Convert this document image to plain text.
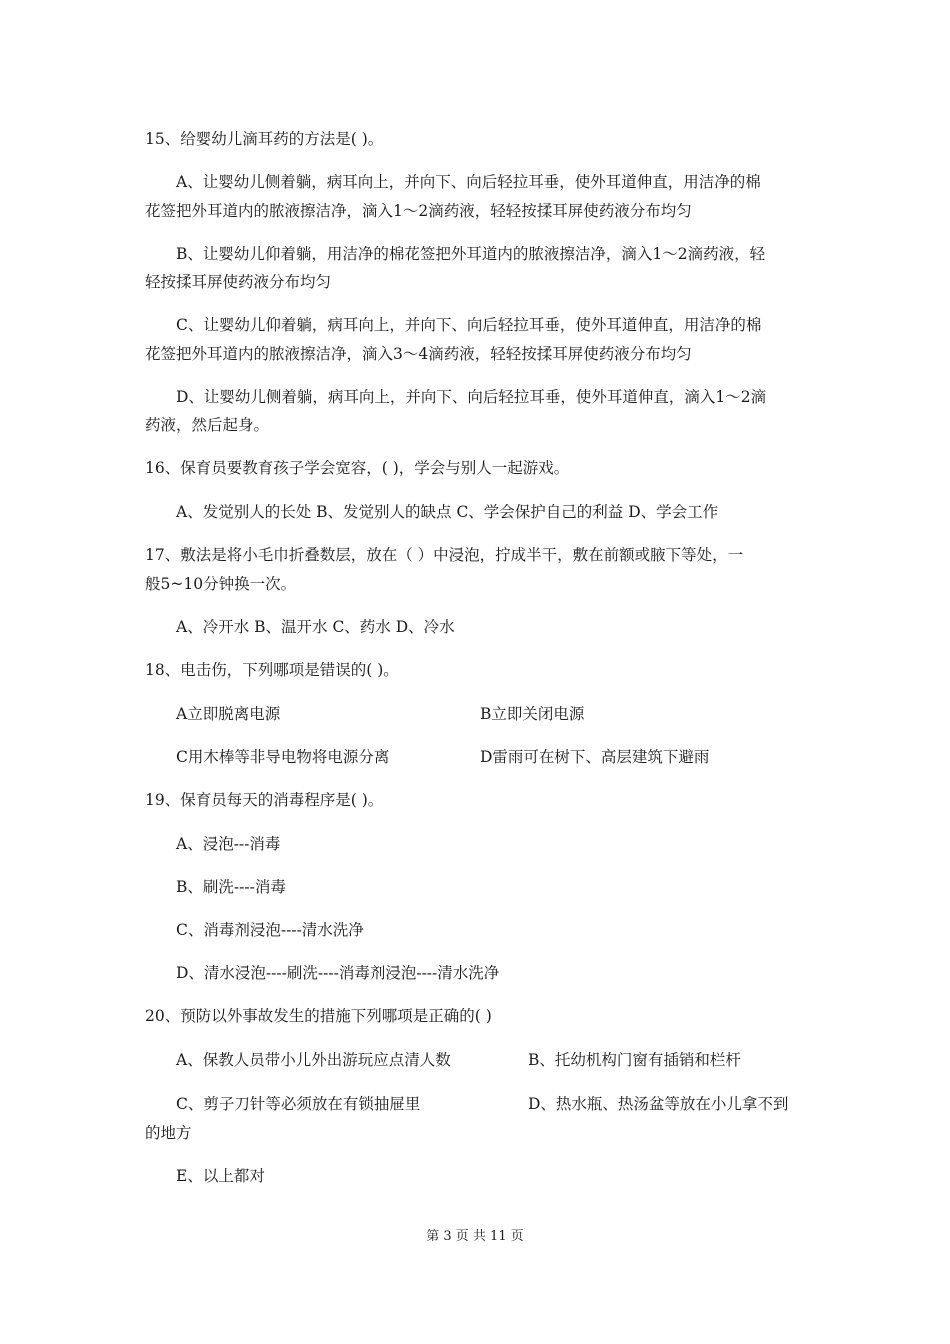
15、给婴幼儿滴耳药的方法是( )。
A、让婴幼儿侧着躺，病耳向上，并向下、向后轻拉耳垂，使外耳道伸直，用洁净的棉
花签把外耳道内的脓液擦洁净，滴入1～2滴药液，轻轻按揉耳屏使药液分布均匀
B、让婴幼儿仰着躺，用洁净的棉花签把外耳道内的脓液擦洁净，滴入1～2滴药液，轻
轻按揉耳屏使药液分布均匀
C、让婴幼儿仰着躺，病耳向上，并向下、向后轻拉耳垂，使外耳道伸直，用洁净的棉
花签把外耳道内的脓液擦洁净，滴入3～4滴药液，轻轻按揉耳屏使药液分布均匀
D、让婴幼儿侧着躺，病耳向上，并向下、向后轻拉耳垂，使外耳道伸直，滴入1～2滴
药液，然后起身。
16、保育员要教育孩子学会宽容，( )，学会与别人一起游戏。
A、发觉别人的长处 B、发觉别人的缺点 C、学会保护自己的利益 D、学会工作
17、敷法是将小毛巾折叠数层，放在（ ）中浸泡，拧成半干，敷在前额或腋下等处，一
般5~10分钟换一次。
A、冷开水 B、温开水 C、药水 D、冷水
18、电击伤，下列哪项是错误的( )。
A立即脱离电源	B立即关闭电源
C用木棒等非导电物将电源分离	D雷雨可在树下、高层建筑下避雨
19、保育员每天的消毒程序是( )。
A、浸泡---消毒
B、刷洗----消毒
C、消毒剂浸泡----清水洗净
D、清水浸泡----刷洗----消毒剂浸泡----清水洗净
20、预防以外事故发生的措施下列哪项是正确的( )
A、保教人员带小儿外出游玩应点清人数	B、托幼机构门窗有插销和栏杆
C、剪子刀针等必须放在有锁抽屉里	D、热水瓶、热汤盆等放在小儿拿不到
的地方
E、以上都对
第 3 页 共 11 页
